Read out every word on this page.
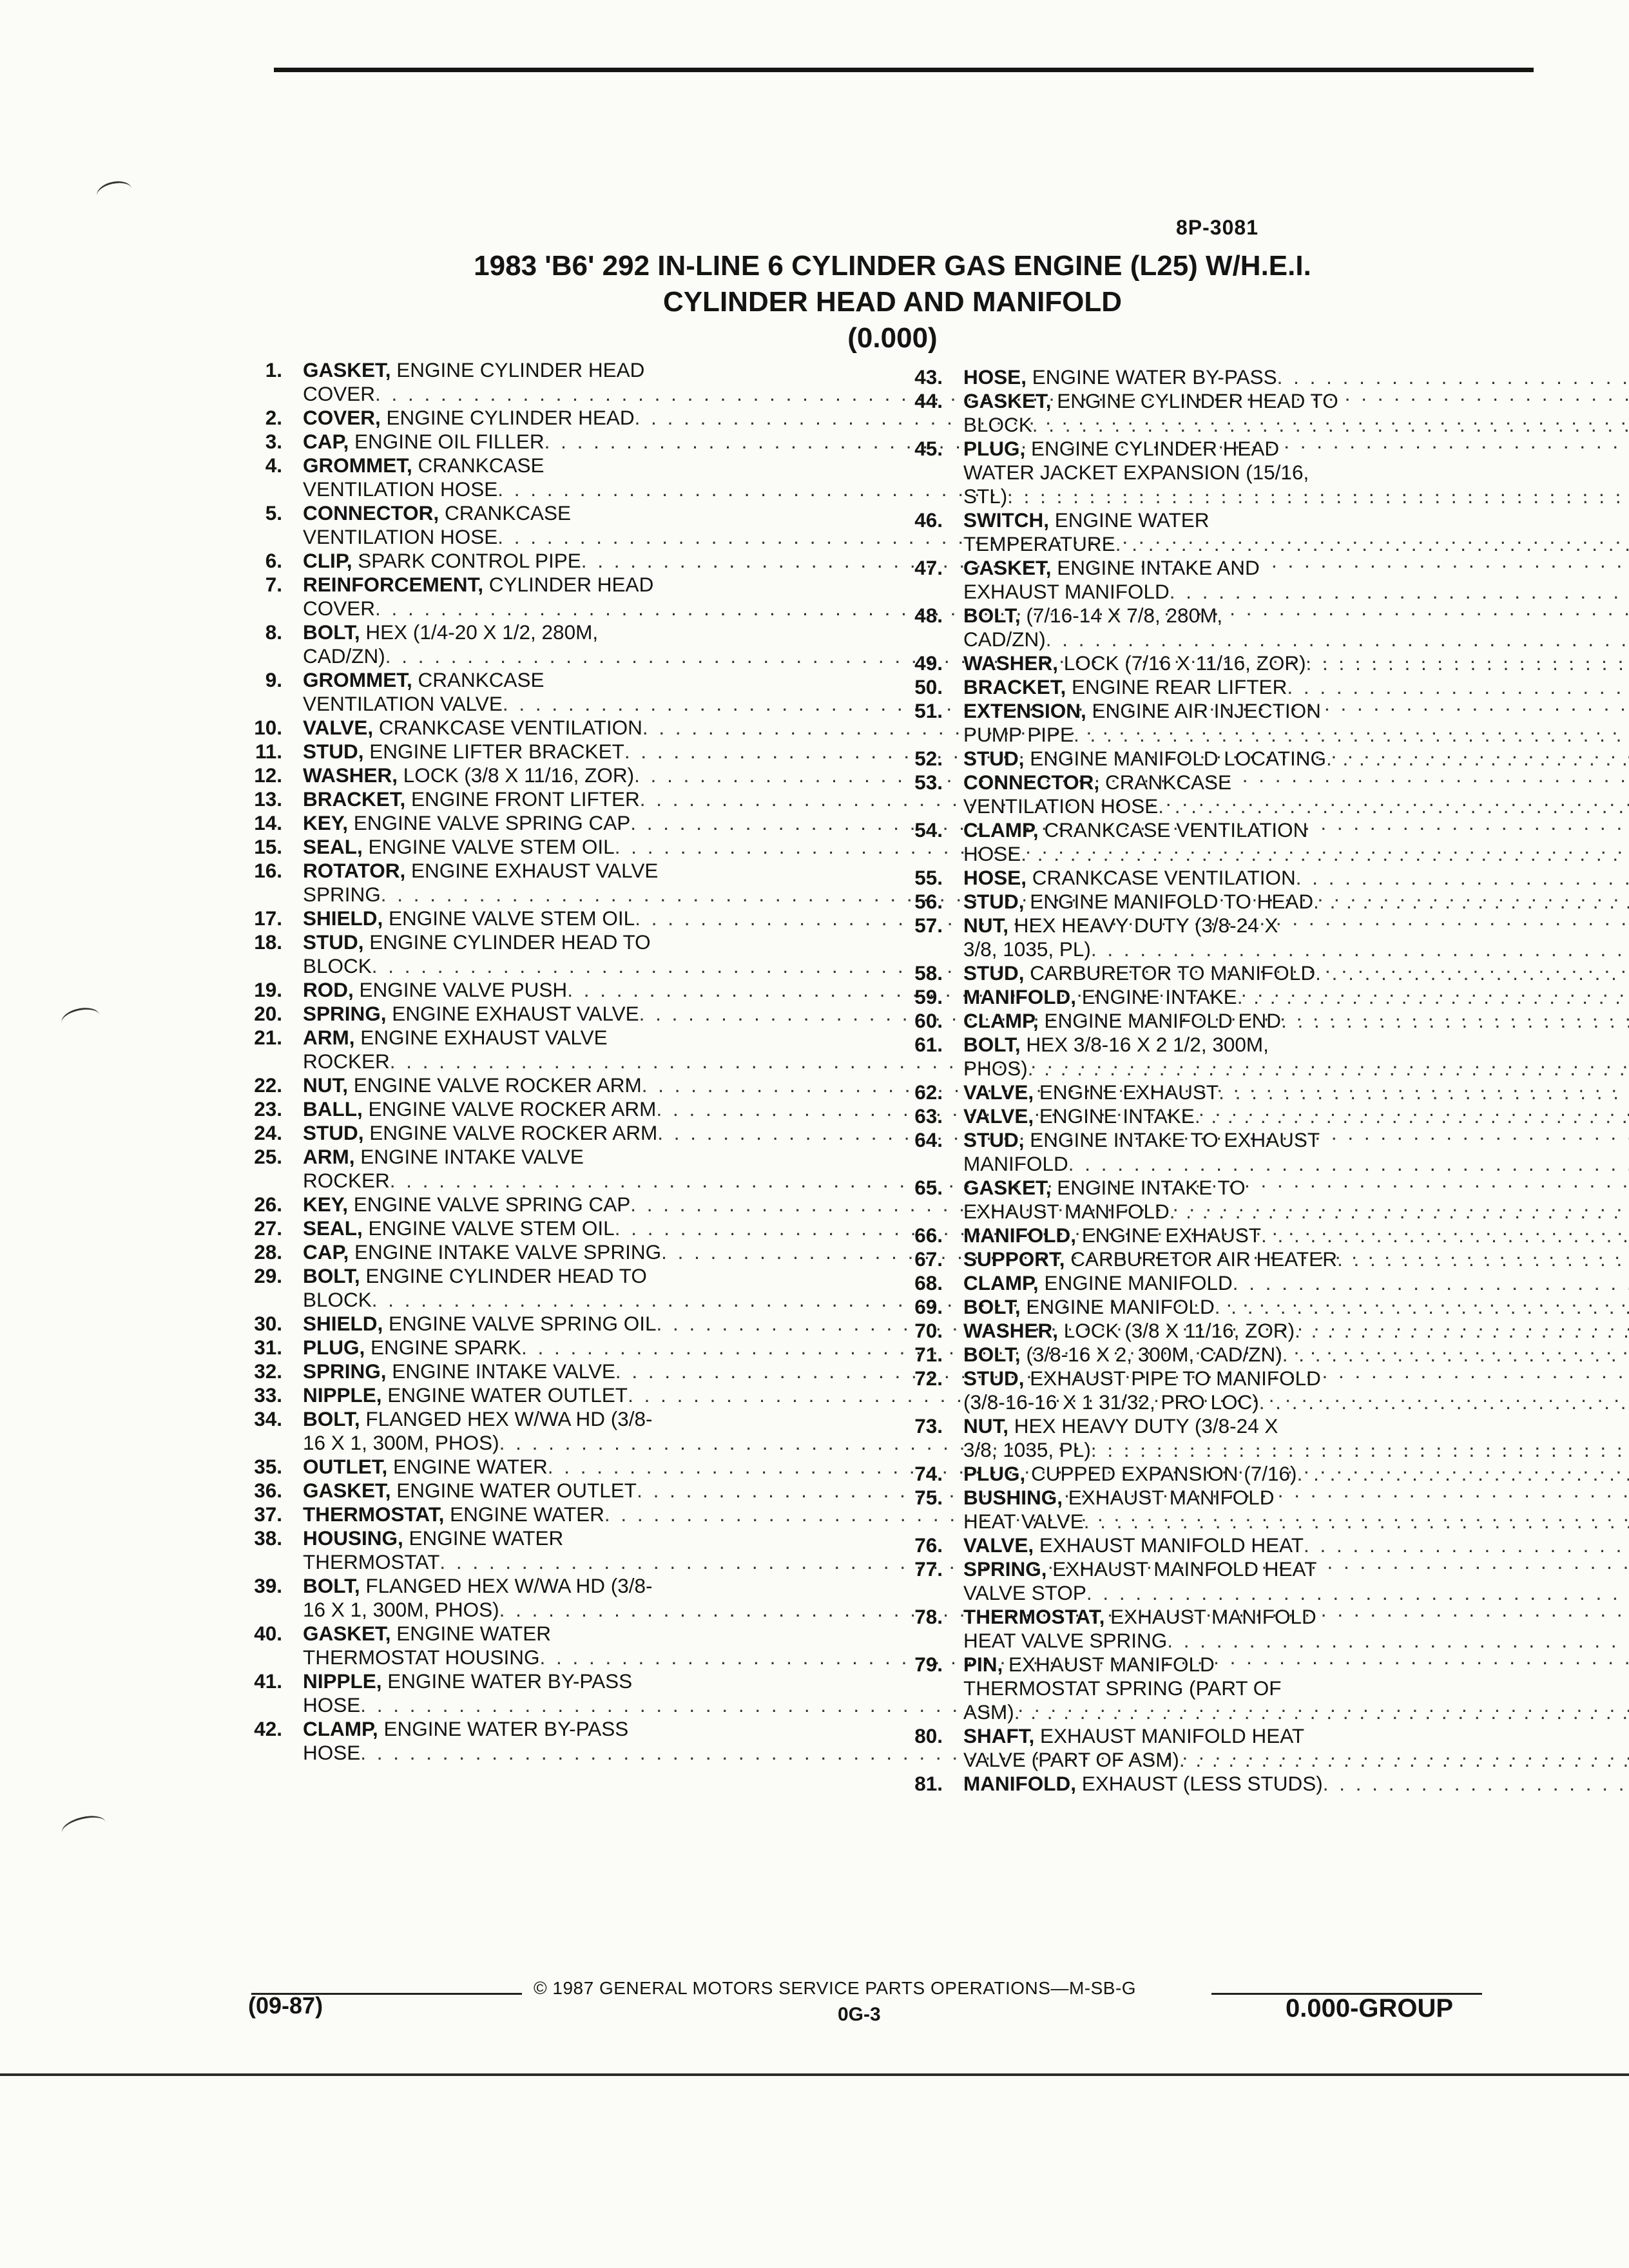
8P-3081
1983 'B6' 292 IN-LINE 6 CYLINDER GAS ENGINE (L25) W/H.E.I.
CYLINDER HEAD AND MANIFOLD
(0.000)
1.	GASKET, ENGINE CYLINDER HEAD
COVER
. . .
2.	COVER, ENGINE CYLINDER HEAD
. . .
3.	CAP, ENGINE OIL FILLER
. . .
4.	GROMMET, CRANKCASE
VENTILATION HOSE
. . .
5.	CONNECTOR, CRANKCASE
VENTILATION HOSE
. . .
6.	CLIP, SPARK CONTROL PIPE
. . .
7.	REINFORCEMENT, CYLINDER HEAD
COVER
. . .
8.	BOLT, HEX (1/4-20 X 1/2, 280M,
CAD/ZN)
. . .
9.	GROMMET, CRANKCASE
VENTILATION VALVE
. . .
10.	VALVE, CRANKCASE VENTILATION
. . .
11.	STUD, ENGINE LIFTER BRACKET
. . .
12.	WASHER, LOCK (3/8 X 11/16, ZOR)
. . .
13.	BRACKET, ENGINE FRONT LIFTER
. . .
14.	KEY, ENGINE VALVE SPRING CAP
. . .
15.	SEAL, ENGINE VALVE STEM OIL
. . .
16.	ROTATOR, ENGINE EXHAUST VALVE
SPRING
. . .
17.	SHIELD, ENGINE VALVE STEM OIL
. . .
18.	STUD, ENGINE CYLINDER HEAD TO
BLOCK
. . .
19.	ROD, ENGINE VALVE PUSH
. . .
20.	SPRING, ENGINE EXHAUST VALVE
. . .
21.	ARM, ENGINE EXHAUST VALVE
ROCKER
. . .
22.	NUT, ENGINE VALVE ROCKER ARM
. . .
23.	BALL, ENGINE VALVE ROCKER ARM
. . .
24.	STUD, ENGINE VALVE ROCKER ARM
. . .
25.	ARM, ENGINE INTAKE VALVE
ROCKER
. . .
26.	KEY, ENGINE VALVE SPRING CAP
. . .
27.	SEAL, ENGINE VALVE STEM OIL
. . .
28.	CAP, ENGINE INTAKE VALVE SPRING
. . .
29.	BOLT, ENGINE CYLINDER HEAD TO
BLOCK
. . .
30.	SHIELD, ENGINE VALVE SPRING OIL
. . .
31.	PLUG, ENGINE SPARK
. . .
32.	SPRING, ENGINE INTAKE VALVE
. . .
33.	NIPPLE, ENGINE WATER OUTLET
. . .
34.	BOLT, FLANGED HEX W/WA HD (3/8-
16 X 1, 300M, PHOS)
. . .
35.	OUTLET, ENGINE WATER
. . .
36.	GASKET, ENGINE WATER OUTLET
. . .
37.	THERMOSTAT, ENGINE WATER
. . .
38.	HOUSING, ENGINE WATER
THERMOSTAT
. . .
39.	BOLT, FLANGED HEX W/WA HD (3/8-
16 X 1, 300M, PHOS)
. . .
40.	GASKET, ENGINE WATER
THERMOSTAT HOUSING
. . .
41.	NIPPLE, ENGINE WATER BY-PASS
HOSE
. . .
42.	CLAMP, ENGINE WATER BY-PASS
HOSE
. . .
43.	HOSE, ENGINE WATER BY-PASS
. . .
44.	GASKET, ENGINE CYLINDER HEAD TO
BLOCK
. . .
45.	PLUG, ENGINE CYLINDER HEAD
WATER JACKET EXPANSION (15/16,
STL)
. . .
46.	SWITCH, ENGINE WATER
TEMPERATURE
. . .
47.	GASKET, ENGINE INTAKE AND
EXHAUST MANIFOLD
. . .
48.	BOLT, (7/16-14 X 7/8, 280M,
CAD/ZN)
. . .
49.	WASHER, LOCK (7/16 X 11/16, ZOR)
. . .
50.	BRACKET, ENGINE REAR LIFTER
. . .
51.	EXTENSION, ENGINE AIR INJECTION
PUMP PIPE
. . .
52.	STUD, ENGINE MANIFOLD LOCATING
. . .
53.	CONNECTOR, CRANKCASE
VENTILATION HOSE
. . .
54.	CLAMP, CRANKCASE VENTILATION
HOSE
. . .
55.	HOSE, CRANKCASE VENTILATION
. . .
56.	STUD, ENGINE MANIFOLD TO HEAD
. . .
57.	NUT, HEX HEAVY DUTY (3/8-24 X
3/8, 1035, PL)
. . .
58.	STUD, CARBURETOR TO MANIFOLD
. . .
59.	MANIFOLD, ENGINE INTAKE
. . .
60.	CLAMP, ENGINE MANIFOLD END
. . .
61.	BOLT, HEX 3/8-16 X 2 1/2, 300M,
PHOS)
. . .
62.	VALVE, ENGINE EXHAUST
. . .
63.	VALVE, ENGINE INTAKE
. . .
64.	STUD, ENGINE INTAKE TO EXHAUST
MANIFOLD
. . .
65.	GASKET, ENGINE INTAKE TO
EXHAUST MANIFOLD
. . .
66.	MANIFOLD, ENGINE EXHAUST
. . .
67.	SUPPORT, CARBURETOR AIR HEATER
. . .
68.	CLAMP, ENGINE MANIFOLD
. . .
69.	BOLT, ENGINE MANIFOLD
. . .
70.	WASHER, LOCK (3/8 X 11/16, ZOR)
. . .
71.	BOLT, (3/8-16 X 2, 300M, CAD/ZN)
. . .
72.	STUD, EXHAUST PIPE TO MANIFOLD
(3/8-16-16 X 1 31/32, PRO LOC)
. . .
73.	NUT, HEX HEAVY DUTY (3/8-24 X
3/8, 1035, PL)
. . .
74.	PLUG, CUPPED EXPANSION (7/16)
. . .
75.	BUSHING, EXHAUST MANIFOLD
HEAT VALVE
. . .
76.	VALVE, EXHAUST MANIFOLD HEAT
. . .
77.	SPRING, EXHAUST MAINFOLD HEAT
VALVE STOP
. . .
78.	THERMOSTAT, EXHAUST MANIFOLD
HEAT VALVE SPRING
. . .
79.	PIN, EXHAUST MANIFOLD
THERMOSTAT SPRING (PART OF
ASM)
. . .
80.	SHAFT, EXHAUST MANIFOLD HEAT
VALVE (PART OF ASM)
. . .
81.	MANIFOLD, EXHAUST (LESS STUDS)
. . .
© 1987 GENERAL MOTORS SERVICE PARTS OPERATIONS—M-SB-G
(09-87)	0G-3	0.000-GROUP
